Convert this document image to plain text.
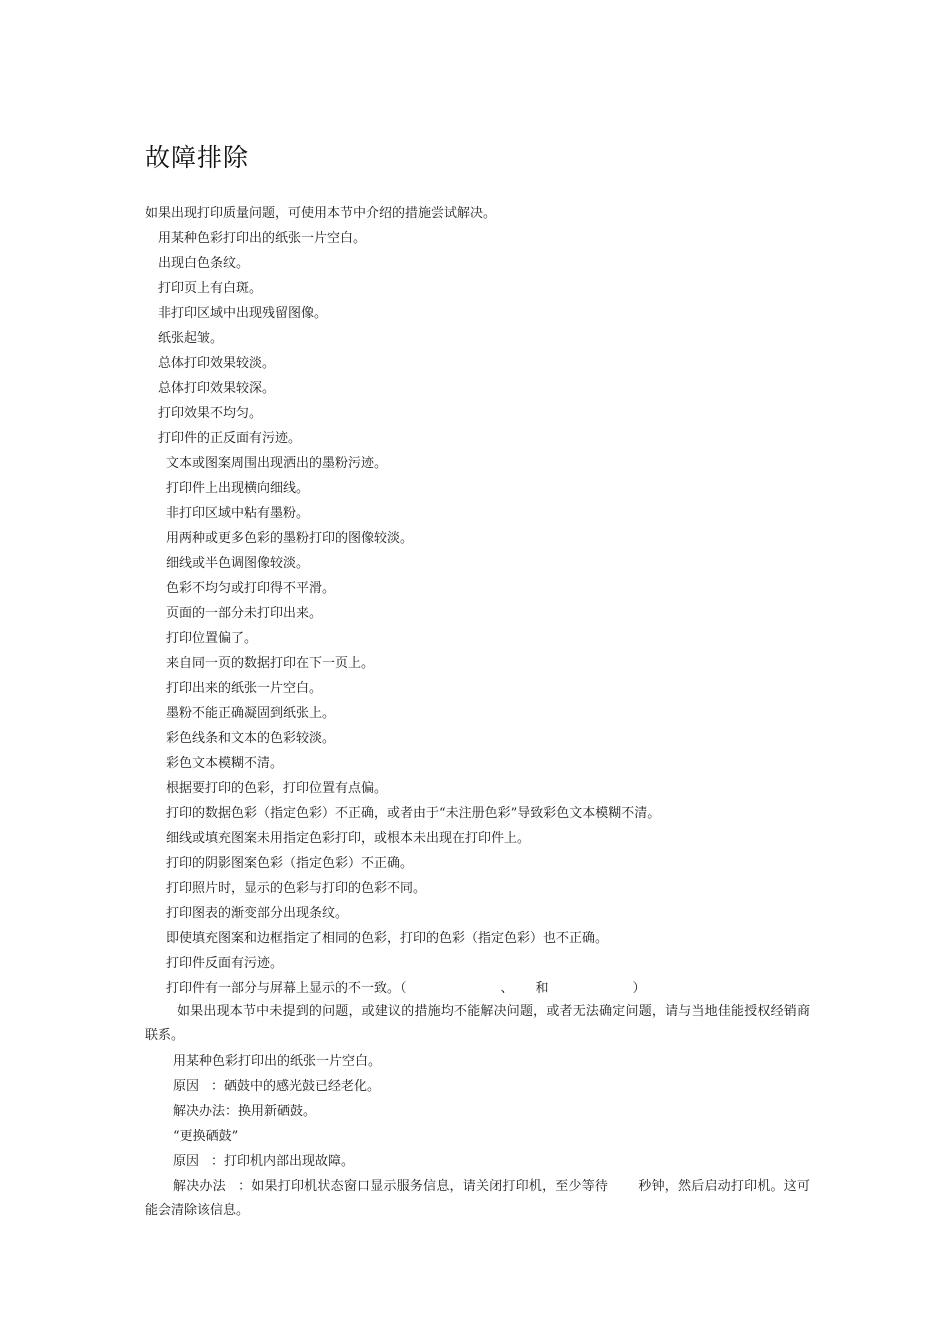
故障排除
如果出现打印质量问题，可使用本节中介绍的措施尝试解决。
用某种色彩打印出的纸张一片空白。
出现白色条纹。
打印页上有白斑。
非打印区域中出现残留图像。
纸张起皱。
总体打印效果较淡。
总体打印效果较深。
打印效果不均匀。
打印件的正反面有污迹。
文本或图案周围出现洒出的墨粉污迹。
打印件上出现横向细线。
非打印区域中粘有墨粉。
用两种或更多色彩的墨粉打印的图像较淡。
细线或半色调图像较淡。
色彩不均匀或打印得不平滑。
页面的一部分未打印出来。
打印位置偏了。
来自同一页的数据打印在下一页上。
打印出来的纸张一片空白。
墨粉不能正确凝固到纸张上。
彩色线条和文本的色彩较淡。
彩色文本模糊不清。
根据要打印的色彩，打印位置有点偏。
打印的数据色彩（指定色彩）不正确，或者由于“未注册色彩”导致彩色文本模糊不清。
细线或填充图案未用指定色彩打印，或根本未出现在打印件上。
打印的阴影图案色彩（指定色彩）不正确。
打印照片时，显示的色彩与打印的色彩不同。
打印图表的渐变部分出现条纹。
即使填充图案和边框指定了相同的色彩，打印的色彩（指定色彩）也不正确。
打印件反面有污迹。
打印件有一部分与屏幕上显示的不一致。（	、 和	）

如果出现本节中未提到的问题，或建议的措施均不能解决问题，或者无法确定问题，请与当地佳能授权经销商联系。

用某种色彩打印出的纸张一片空白。
原因 ：硒鼓中的感光鼓已经老化。
解决办法：换用新硒鼓。
“更换硒鼓”
原因 ：打印机内部出现故障。

解决办法 ：如果打印机状态窗口显示服务信息，请关闭打印机，至少等待 秒钟，然后启动打印机。这可能会清除该信息。
